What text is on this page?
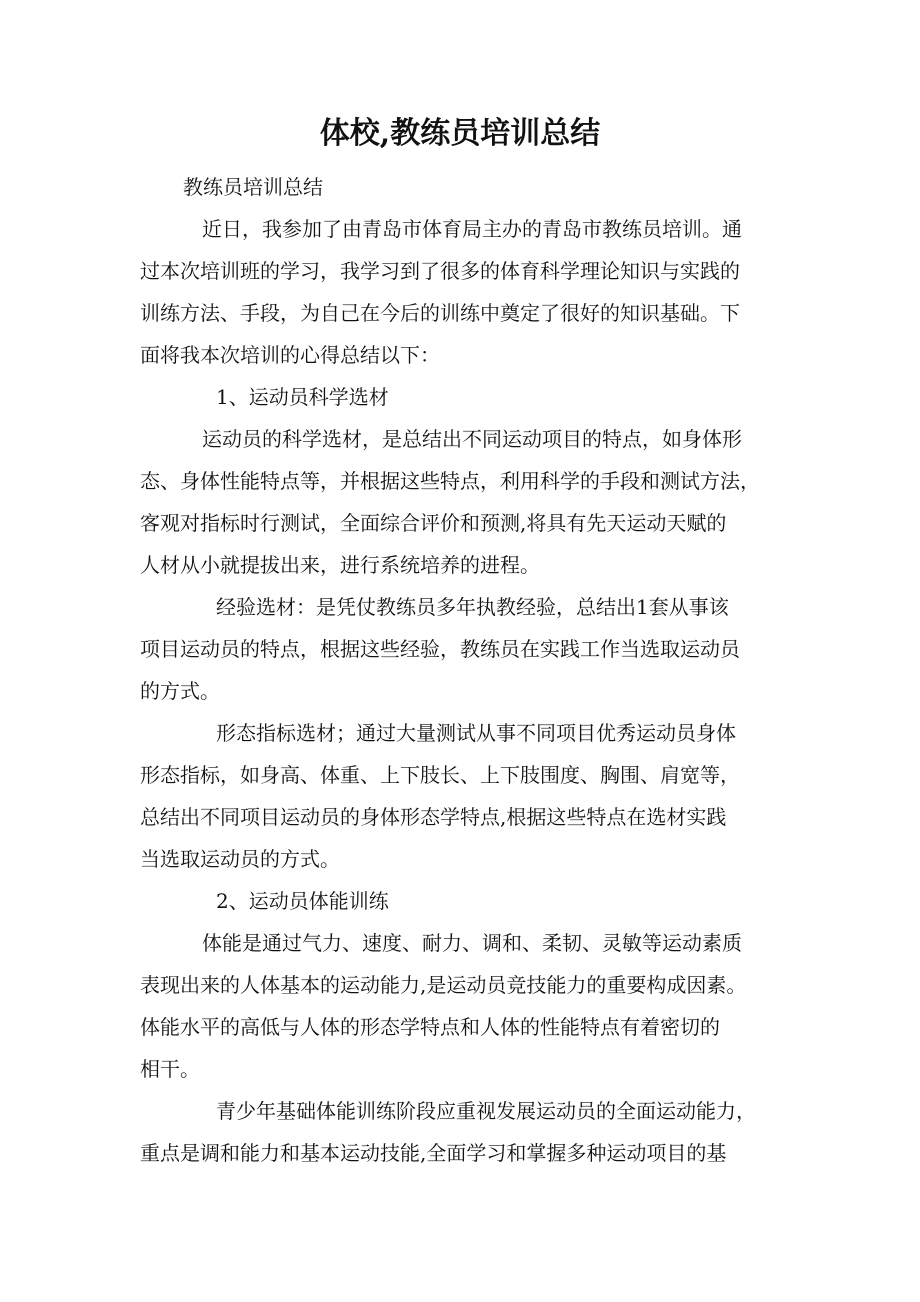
体校,教练员培训总结

教练员培训总结

近日，我参加了由青岛市体育局主办的青岛市教练员培训。通

过本次培训班的学习，我学习到了很多的体育科学理论知识与实践的

训练方法、手段，为自己在今后的训练中奠定了很好的知识基础。下

面将我本次培训的心得总结以下：

1、运动员科学选材

运动员的科学选材，是总结出不同运动项目的特点，如身体形

态、身体性能特点等，并根据这些特点，利用科学的手段和测试方法，

客观对指标时行测试，全面综合评价和预测,将具有先天运动天赋的

人材从小就提拔出来，进行系统培养的进程。

经验选材：是凭仗教练员多年执教经验，总结出1套从事该

项目运动员的特点，根据这些经验，教练员在实践工作当选取运动员

的方式。

形态指标选材；通过大量测试从事不同项目优秀运动员身体

形态指标，如身高、体重、上下肢长、上下肢围度、胸围、肩宽等，

总结出不同项目运动员的身体形态学特点,根据这些特点在选材实践

当选取运动员的方式。

2、运动员体能训练

体能是通过气力、速度、耐力、调和、柔韧、灵敏等运动素质

表现出来的人体基本的运动能力,是运动员竞技能力的重要构成因素。

体能水平的高低与人体的形态学特点和人体的性能特点有着密切的

相干。

青少年基础体能训练阶段应重视发展运动员的全面运动能力，

重点是调和能力和基本运动技能,全面学习和掌握多种运动项目的基
